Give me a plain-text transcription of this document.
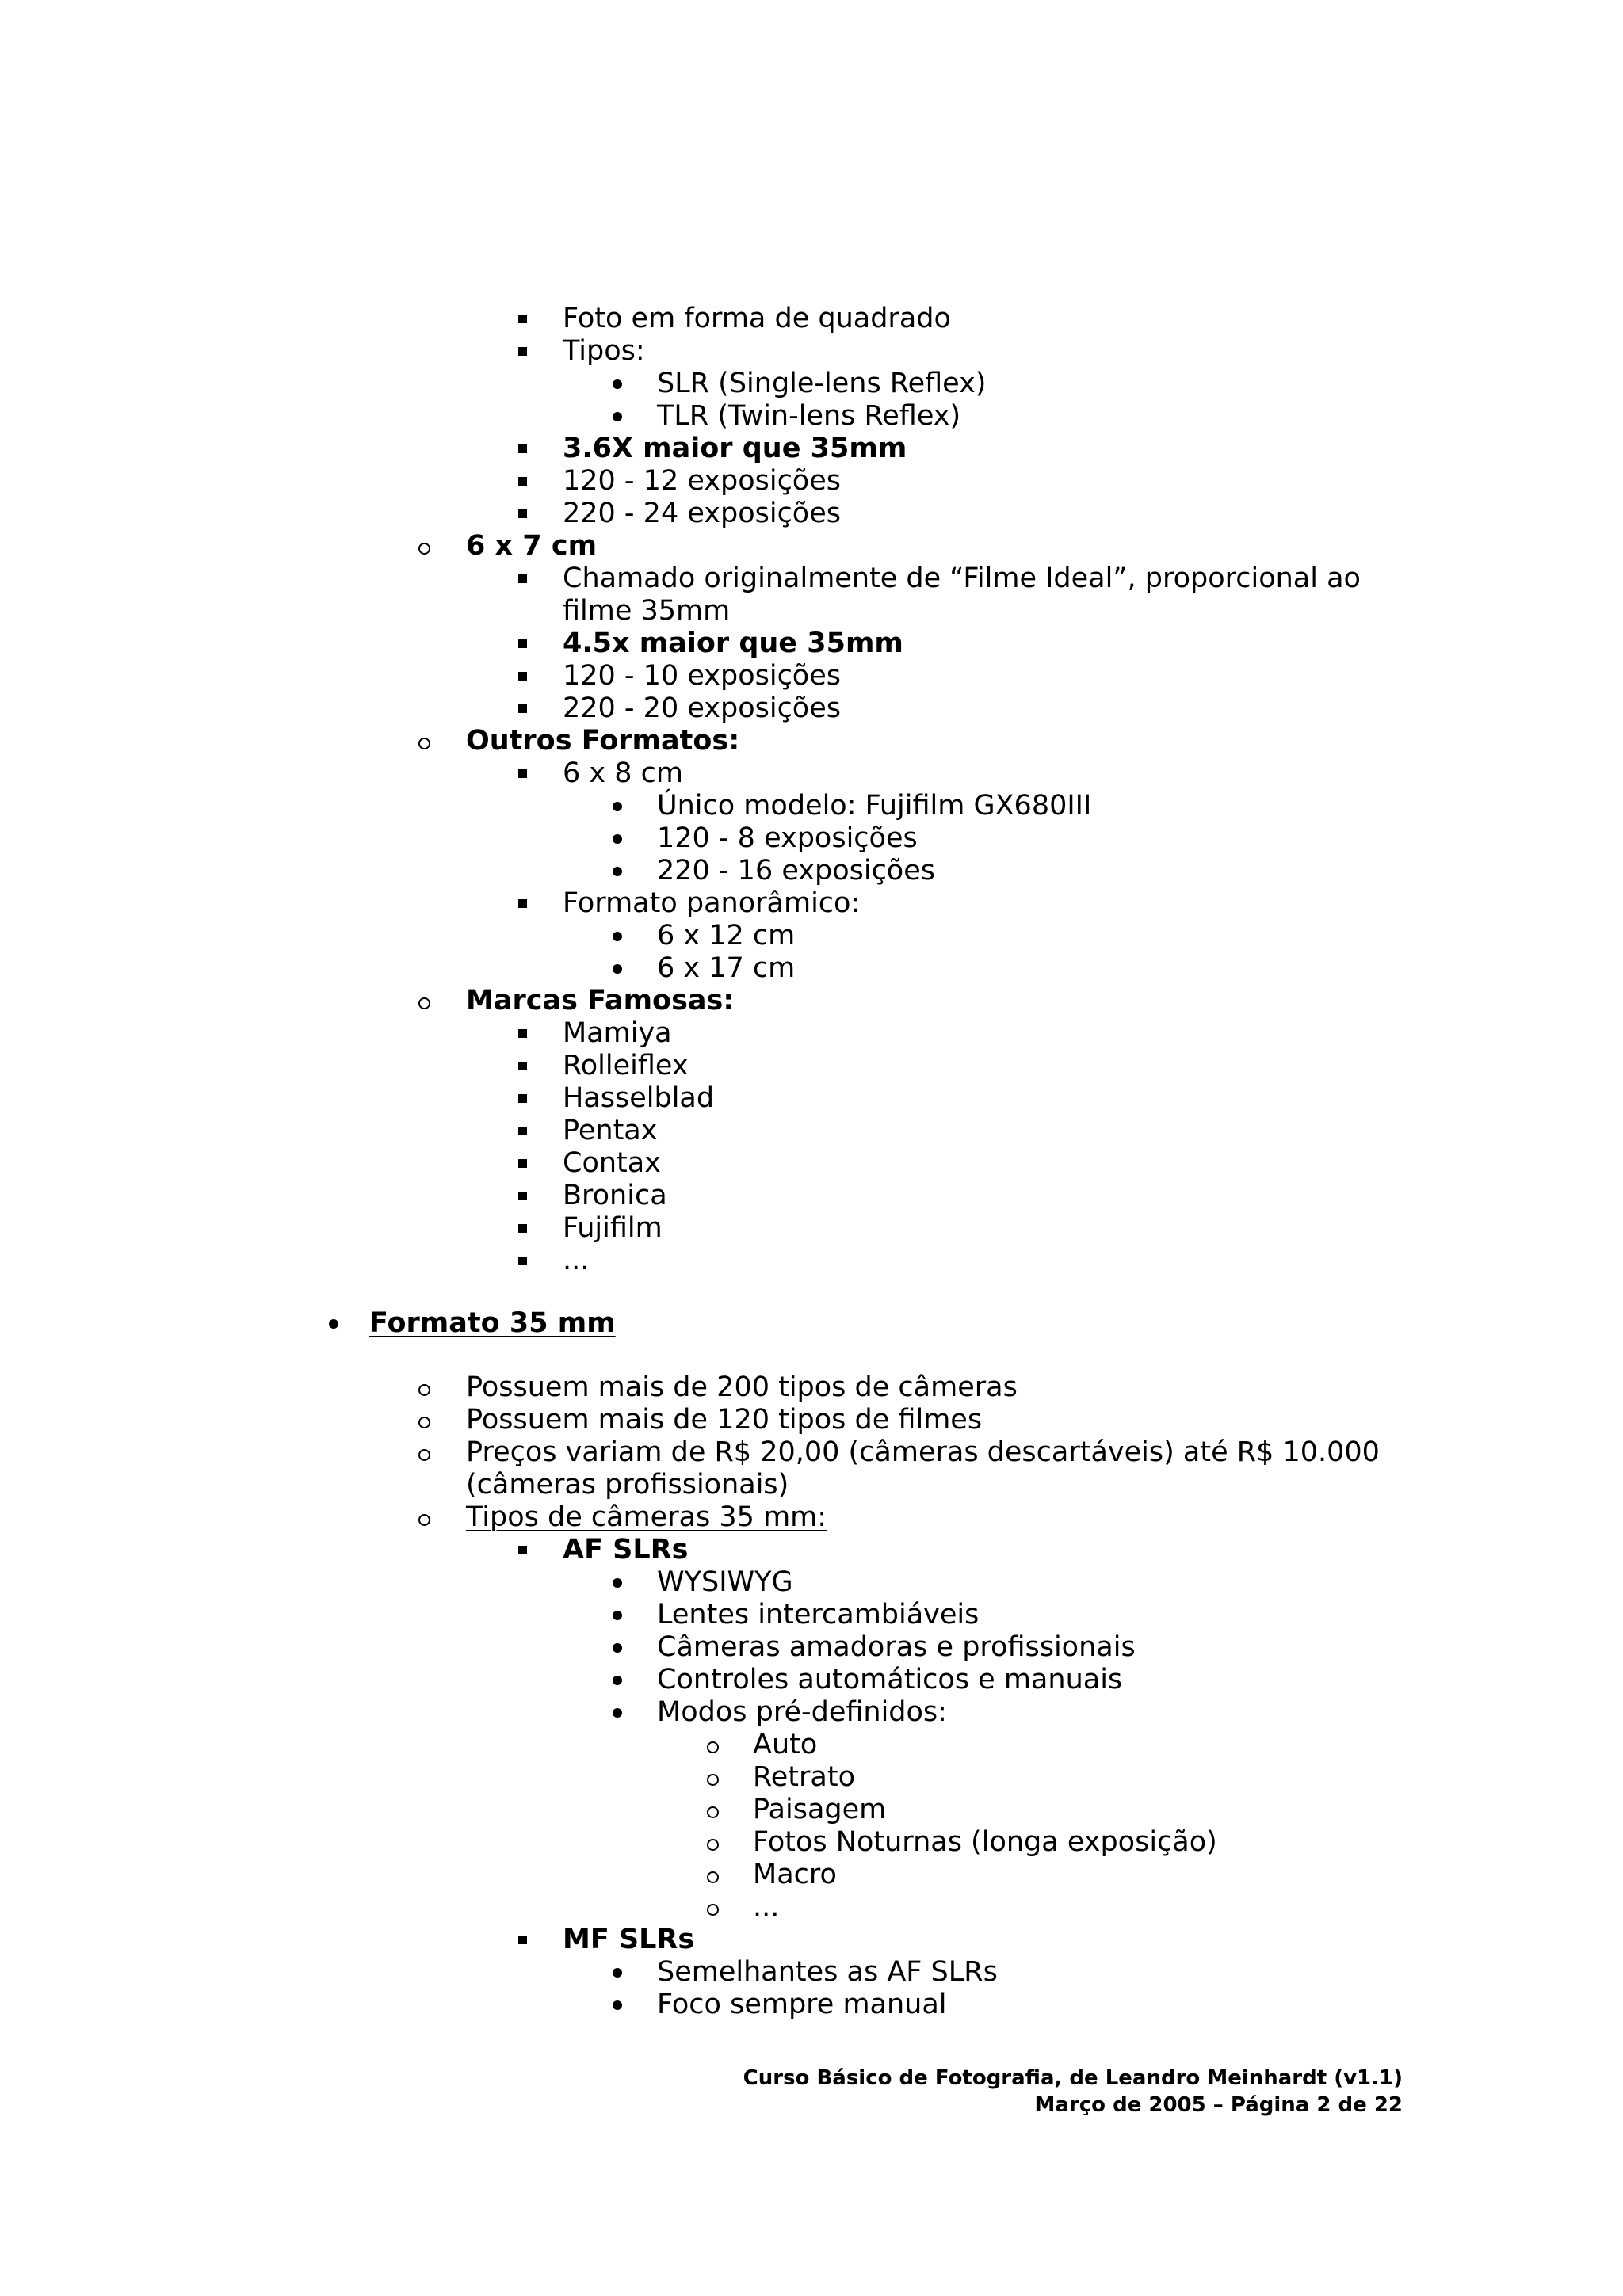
Foto em forma de quadrado
Tipos:
SLR (Single-lens Reflex)
TLR (Twin-lens Reflex)
3.6X maior que 35mm
120 - 12 exposições
220 - 24 exposições
6 x 7 cm
Chamado originalmente de “Filme Ideal”, proporcional ao
filme 35mm
4.5x maior que 35mm
120 - 10 exposições
220 - 20 exposições
Outros Formatos:
6 x 8 cm
Único modelo: Fujifilm GX680III
120 - 8 exposições
220 - 16 exposições
Formato panorâmico:
6 x 12 cm
6 x 17 cm
Marcas Famosas:
Mamiya
Rolleiflex
Hasselblad
Pentax
Contax
Bronica
Fujifilm
...
Formato 35 mm
Possuem mais de 200 tipos de câmeras
Possuem mais de 120 tipos de filmes
Preços variam de R$ 20,00 (câmeras descartáveis) até R$ 10.000
(câmeras profissionais)
Tipos de câmeras 35 mm:
AF SLRs
WYSIWYG
Lentes intercambiáveis
Câmeras amadoras e profissionais
Controles automáticos e manuais
Modos pré-definidos:
Auto
Retrato
Paisagem
Fotos Noturnas (longa exposição)
Macro
...
MF SLRs
Semelhantes as AF SLRs
Foco sempre manual
Curso Básico de Fotografia, de Leandro Meinhardt (v1.1)
Março de 2005 – Página 2 de 22
